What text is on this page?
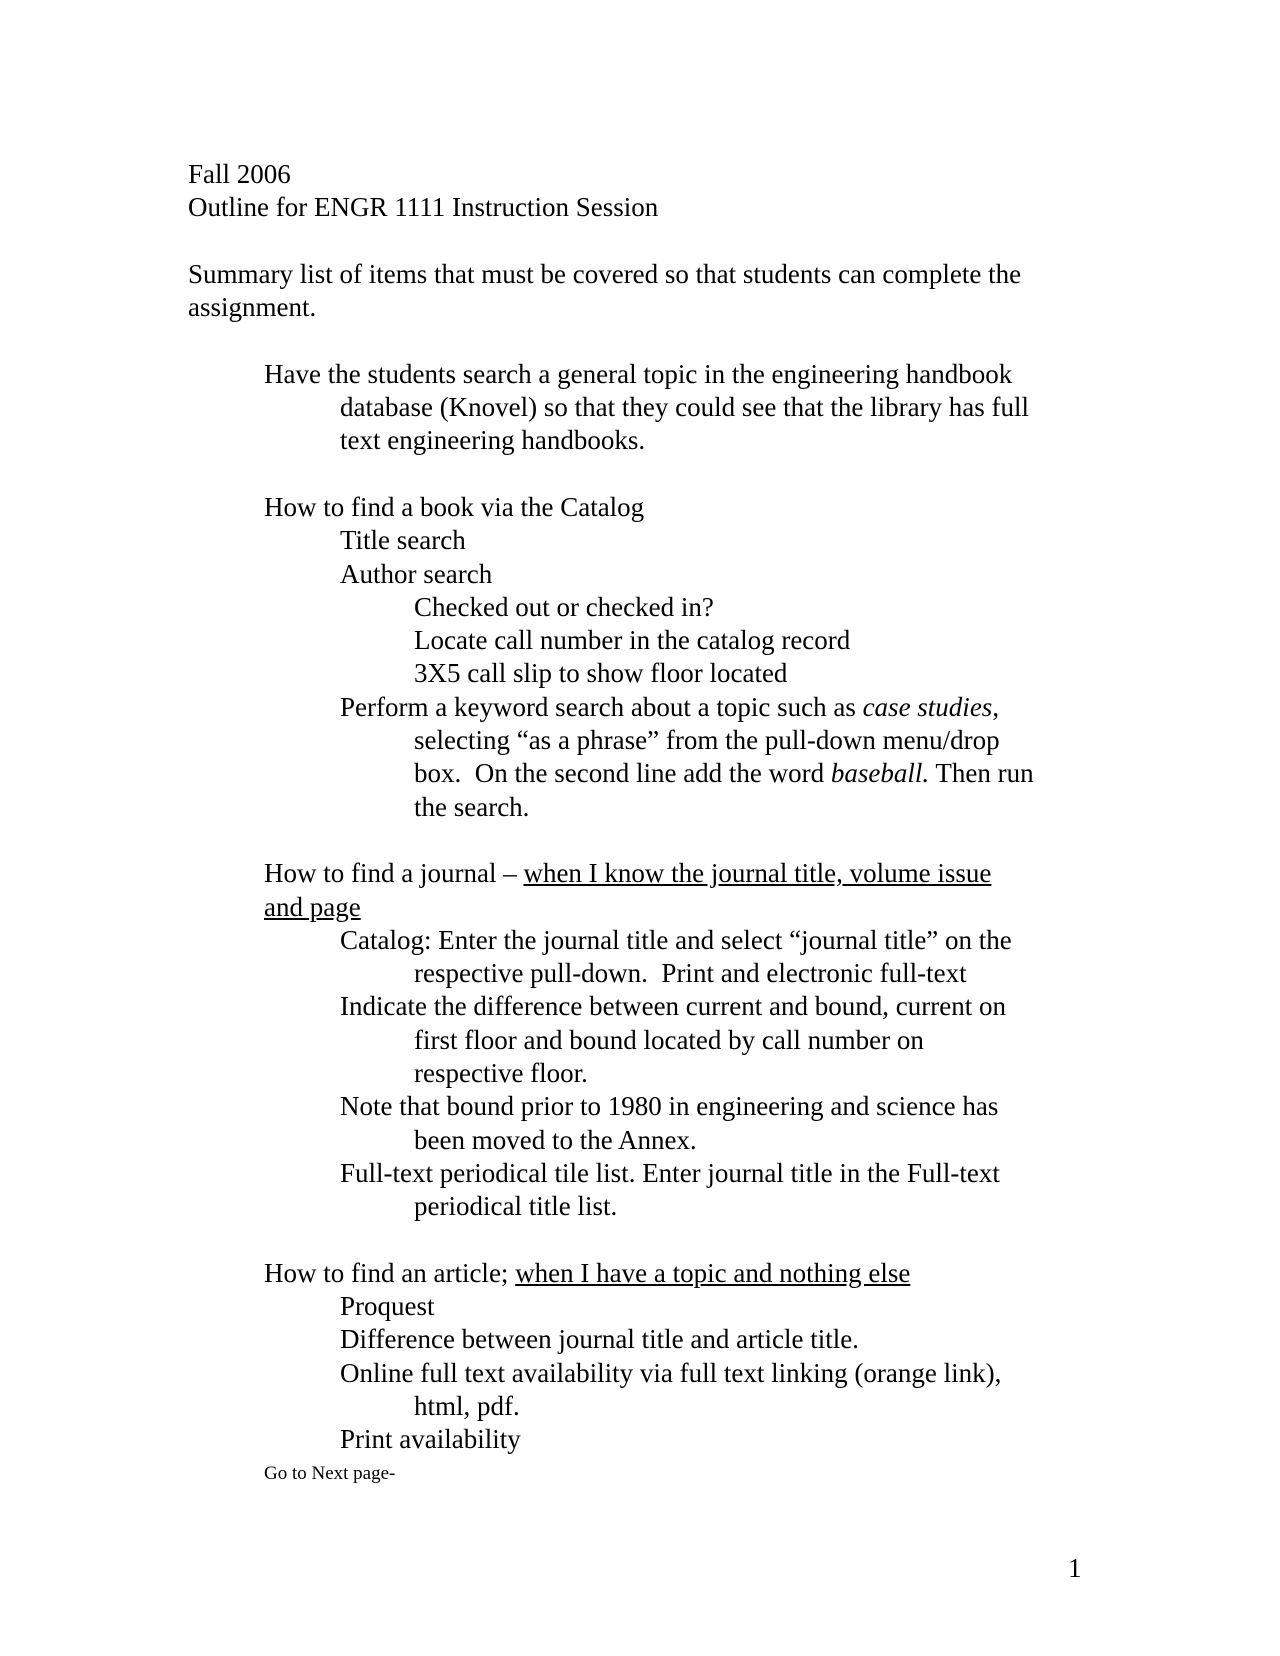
Fall 2006
Outline for ENGR 1111 Instruction Session
Summary list of items that must be covered so that students can complete the
assignment.
Have the students search a general topic in the engineering handbook
database (Knovel) so that they could see that the library has full
text engineering handbooks.
How to find a book via the Catalog
Title search
Author search
Checked out or checked in?
Locate call number in the catalog record
3X5 call slip to show floor located
Perform a keyword search about a topic such as case studies,
selecting “as a phrase” from the pull-down menu/drop
box.  On the second line add the word baseball. Then run
the search.
How to find a journal – when I know the journal title, volume issue
and page
Catalog: Enter the journal title and select “journal title” on the
respective pull-down.  Print and electronic full-text
Indicate the difference between current and bound, current on
first floor and bound located by call number on
respective floor.
Note that bound prior to 1980 in engineering and science has
been moved to the Annex.
Full-text periodical tile list. Enter journal title in the Full-text
periodical title list.
How to find an article; when I have a topic and nothing else
Proquest
Difference between journal title and article title.
Online full text availability via full text linking (orange link),
html, pdf.
Print availability
Go to Next page-
1
